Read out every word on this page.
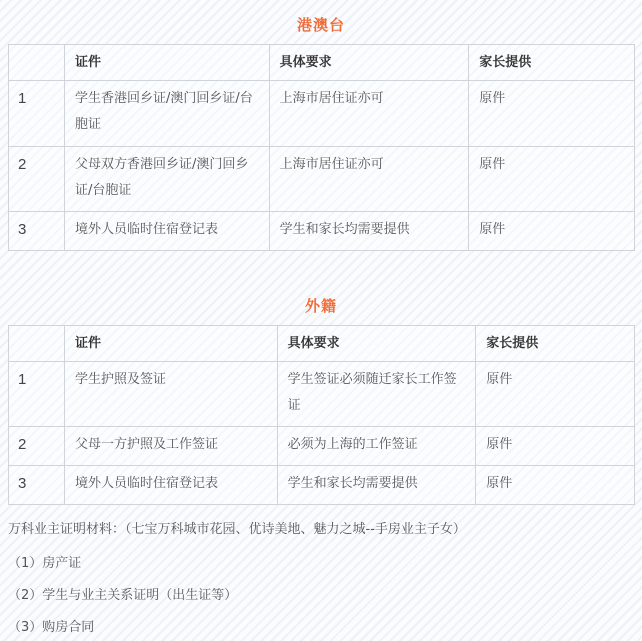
港澳台
	证件	具体要求	家长提供
1	学生香港回乡证/澳门回乡证/台胞证	上海市居住证亦可	原件
2	父母双方香港回乡证/澳门回乡证/台胞证	上海市居住证亦可	原件
3	境外人员临时住宿登记表	学生和家长均需要提供	原件
外籍
	证件	具体要求	家长提供
1	学生护照及签证	学生签证必须随迁家长工作签证	原件
2	父母一方护照及工作签证	必须为上海的工作签证	原件
3	境外人员临时住宿登记表	学生和家长均需要提供	原件
万科业主证明材料：（七宝万科城市花园、优诗美地、魅力之城--手房业主子女）
（1）房产证
（2）学生与业主关系证明（出生证等）
（3）购房合同
